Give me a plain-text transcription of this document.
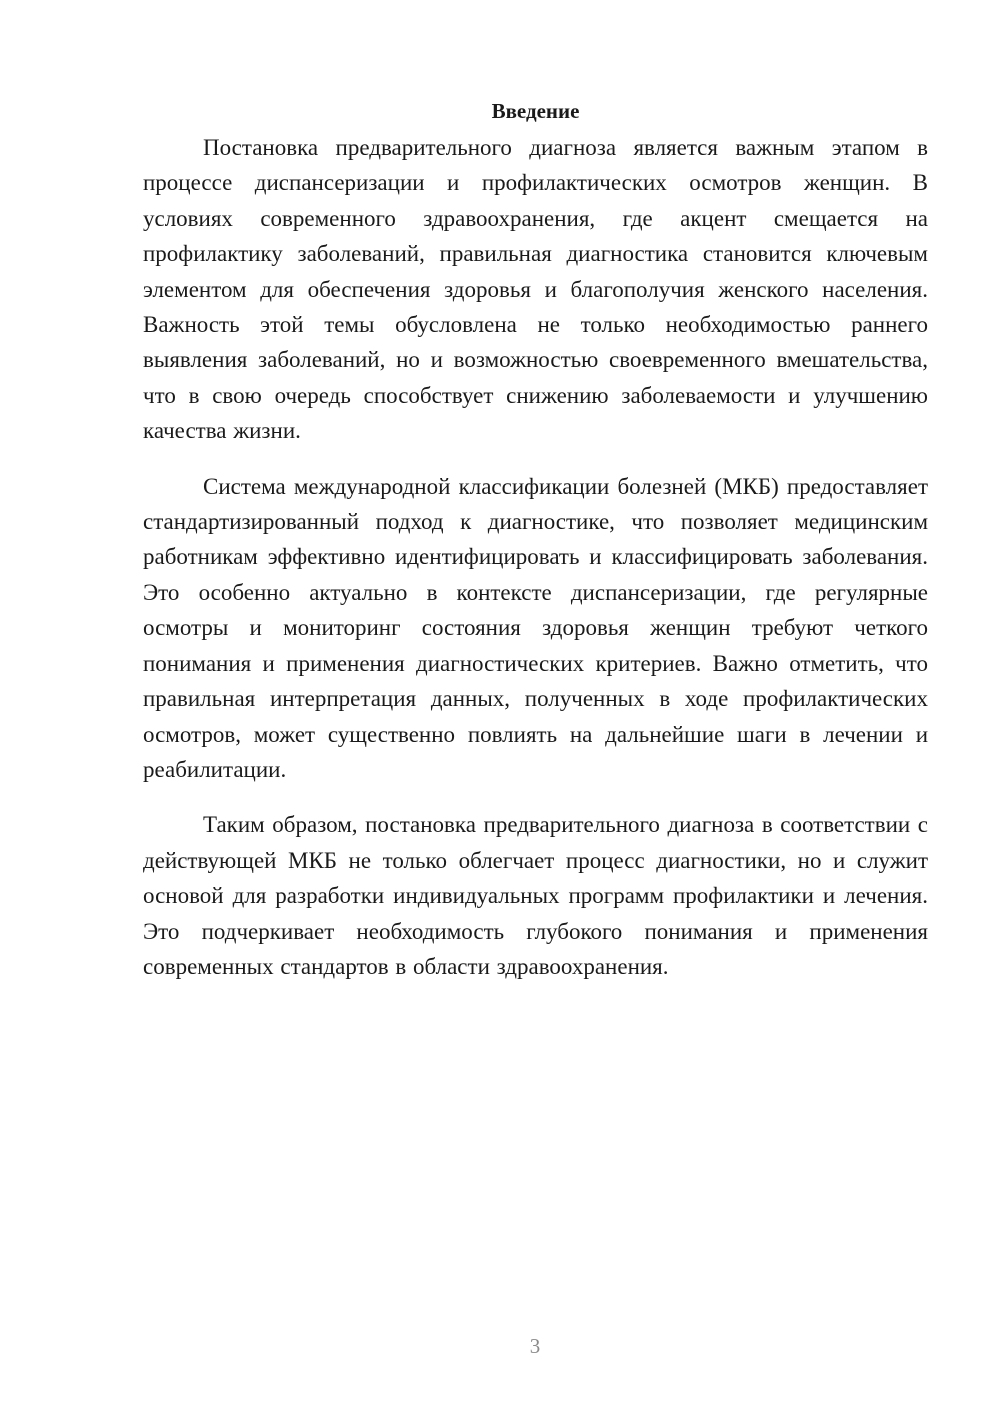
Введение

Постановка предварительного диагноза является важным этапом в процессе диспансеризации и профилактических осмотров женщин. В условиях современного здравоохранения, где акцент смещается на профилактику заболеваний, правильная диагностика становится ключевым элементом для обеспечения здоровья и благополучия женского населения. Важность этой темы обусловлена не только необходимостью раннего выявления заболеваний, но и возможностью своевременного вмешательства, что в свою очередь способствует снижению заболеваемости и улучшению качества жизни.

Система международной классификации болезней (МКБ) предоставляет стандартизированный подход к диагностике, что позволяет медицинским работникам эффективно идентифицировать и классифицировать заболевания. Это особенно актуально в контексте диспансеризации, где регулярные осмотры и мониторинг состояния здоровья женщин требуют четкого понимания и применения диагностических критериев. Важно отметить, что правильная интерпретация данных, полученных в ходе профилактических осмотров, может существенно повлиять на дальнейшие шаги в лечении и реабилитации.

Таким образом, постановка предварительного диагноза в соответствии с действующей МКБ не только облегчает процесс диагностики, но и служит основой для разработки индивидуальных программ профилактики и лечения. Это подчеркивает необходимость глубокого понимания и применения современных стандартов в области здравоохранения.

3
